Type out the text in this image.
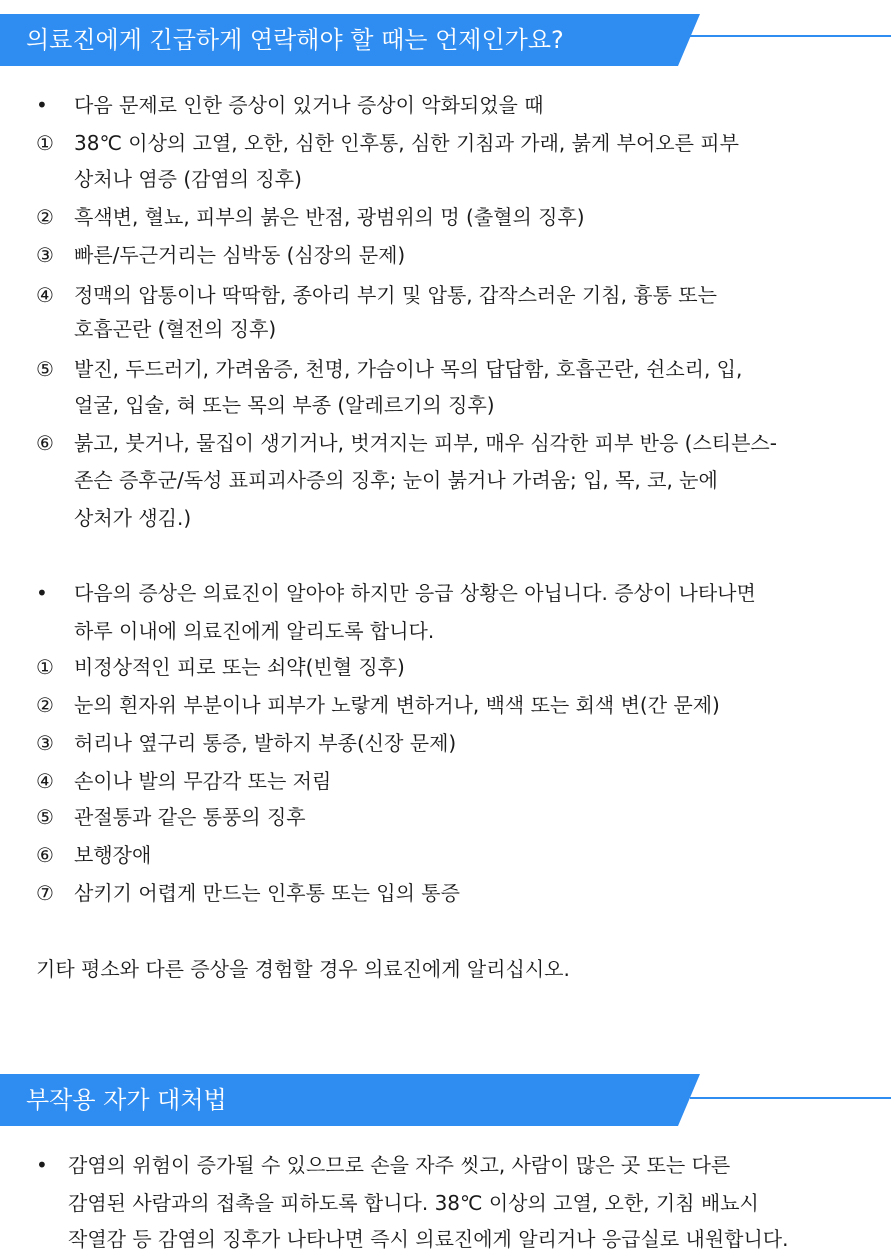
의료진에게 긴급하게 연락해야 할 때는 언제인가요?
• 다음 문제로 인한 증상이 있거나 증상이 악화되었을 때
① 38℃ 이상의 고열, 오한, 심한 인후통, 심한 기침과 가래, 붉게 부어오른 피부
상처나 염증 (감염의 징후)
② 흑색변, 혈뇨, 피부의 붉은 반점, 광범위의 멍 (출혈의 징후)
③ 빠른/두근거리는 심박동 (심장의 문제)
④ 정맥의 압통이나 딱딱함, 종아리 부기 및 압통, 갑작스러운 기침, 흉통 또는
호흡곤란 (혈전의 징후)
⑤ 발진, 두드러기, 가려움증, 천명, 가슴이나 목의 답답함, 호흡곤란, 쉰소리, 입,
얼굴, 입술, 혀 또는 목의 부종 (알레르기의 징후)
⑥ 붉고, 붓거나, 물집이 생기거나, 벗겨지는 피부, 매우 심각한 피부 반응 (스티븐스-
존슨 증후군/독성 표피괴사증의 징후; 눈이 붉거나 가려움; 입, 목, 코, 눈에
상처가 생김.)
• 다음의 증상은 의료진이 알아야 하지만 응급 상황은 아닙니다. 증상이 나타나면
하루 이내에 의료진에게 알리도록 합니다.
① 비정상적인 피로 또는 쇠약(빈혈 징후)
② 눈의 흰자위 부분이나 피부가 노랗게 변하거나, 백색 또는 회색 변(간 문제)
③ 허리나 옆구리 통증, 발하지 부종(신장 문제)
④ 손이나 발의 무감각 또는 저림
⑤ 관절통과 같은 통풍의 징후
⑥ 보행장애
⑦ 삼키기 어렵게 만드는 인후통 또는 입의 통증
기타 평소와 다른 증상을 경험할 경우 의료진에게 알리십시오.
부작용 자가 대처법
• 감염의 위험이 증가될 수 있으므로 손을 자주 씻고, 사람이 많은 곳 또는 다른
감염된 사람과의 접촉을 피하도록 합니다. 38℃ 이상의 고열, 오한, 기침 배뇨시
작열감 등 감염의 징후가 나타나면 즉시 의료진에게 알리거나 응급실로 내원합니다.
